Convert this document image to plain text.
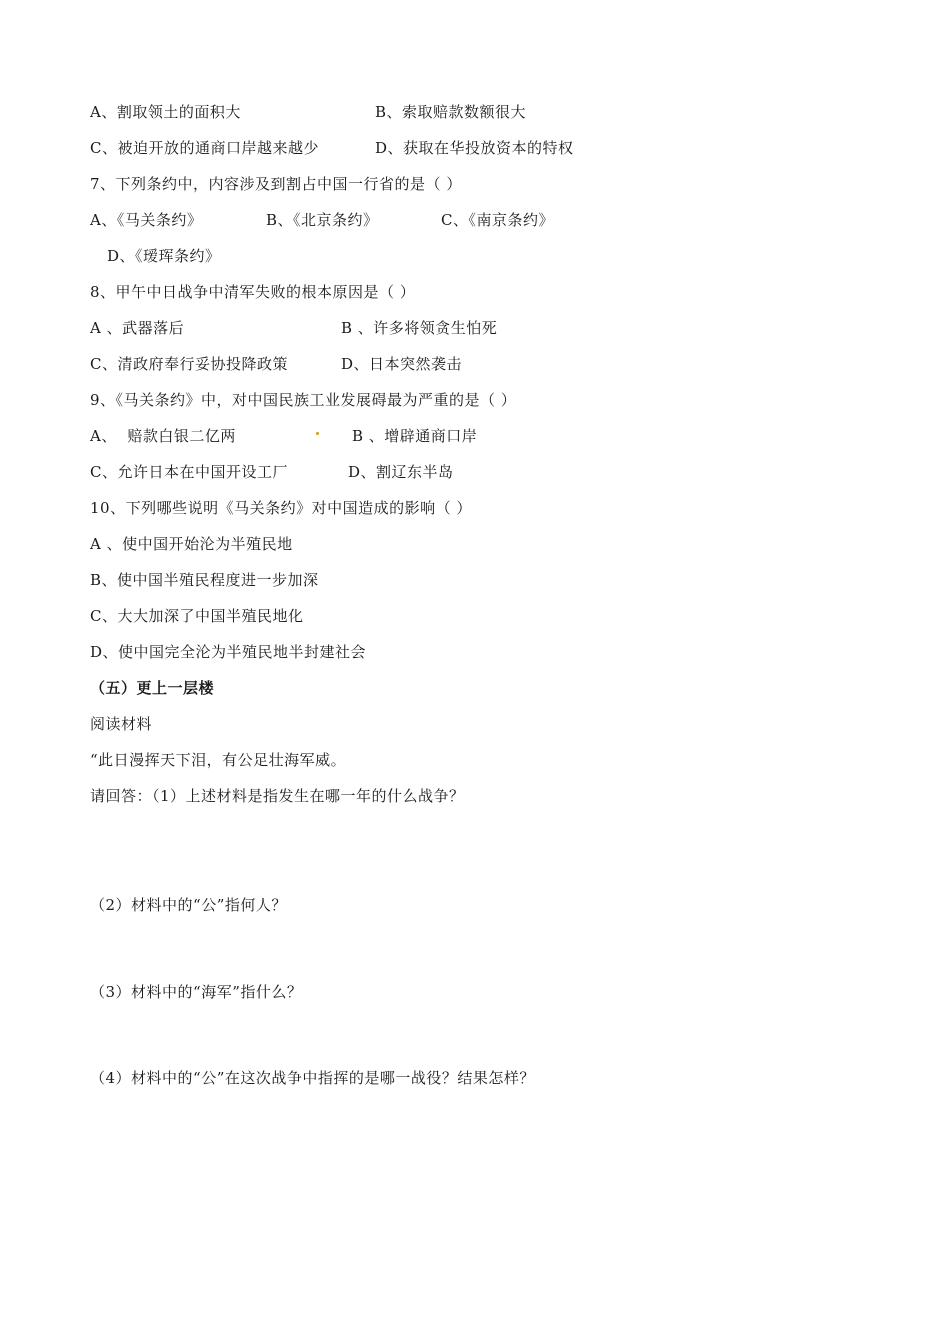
A、割取领土的面积大	B、索取赔款数额很大
C、被迫开放的通商口岸越来越少	D、获取在华投放资本的特权
7、下列条约中，内容涉及到割占中国一行省的是（ ）
A、《马关条约》	B、《北京条约》	C、《南京条约》
D、《瑷珲条约》
8、甲午中日战争中清军失败的根本原因是（ ）
A 、武器落后	B 、许多将领贪生怕死
C、清政府奉行妥协投降政策	D、日本突然袭击
9、《马关条约》中，对中国民族工业发展碍最为严重的是（ ）
A、  赔款白银二亿两	B 、增辟通商口岸
C、允许日本在中国开设工厂	D、割辽东半岛
10、下列哪些说明《马关条约》对中国造成的影响（ ）
A 、使中国开始沦为半殖民地
B、使中国半殖民程度进一步加深
C、大大加深了中国半殖民地化
D、使中国完全沦为半殖民地半封建社会
（五）更上一层楼
阅读材料
“此日漫挥天下泪，有公足壮海军威。
请回答：（1）上述材料是指发生在哪一年的什么战争？
（2）材料中的“公”指何人？
（3）材料中的“海军”指什么？
（4）材料中的“公”在这次战争中指挥的是哪一战役？结果怎样？
